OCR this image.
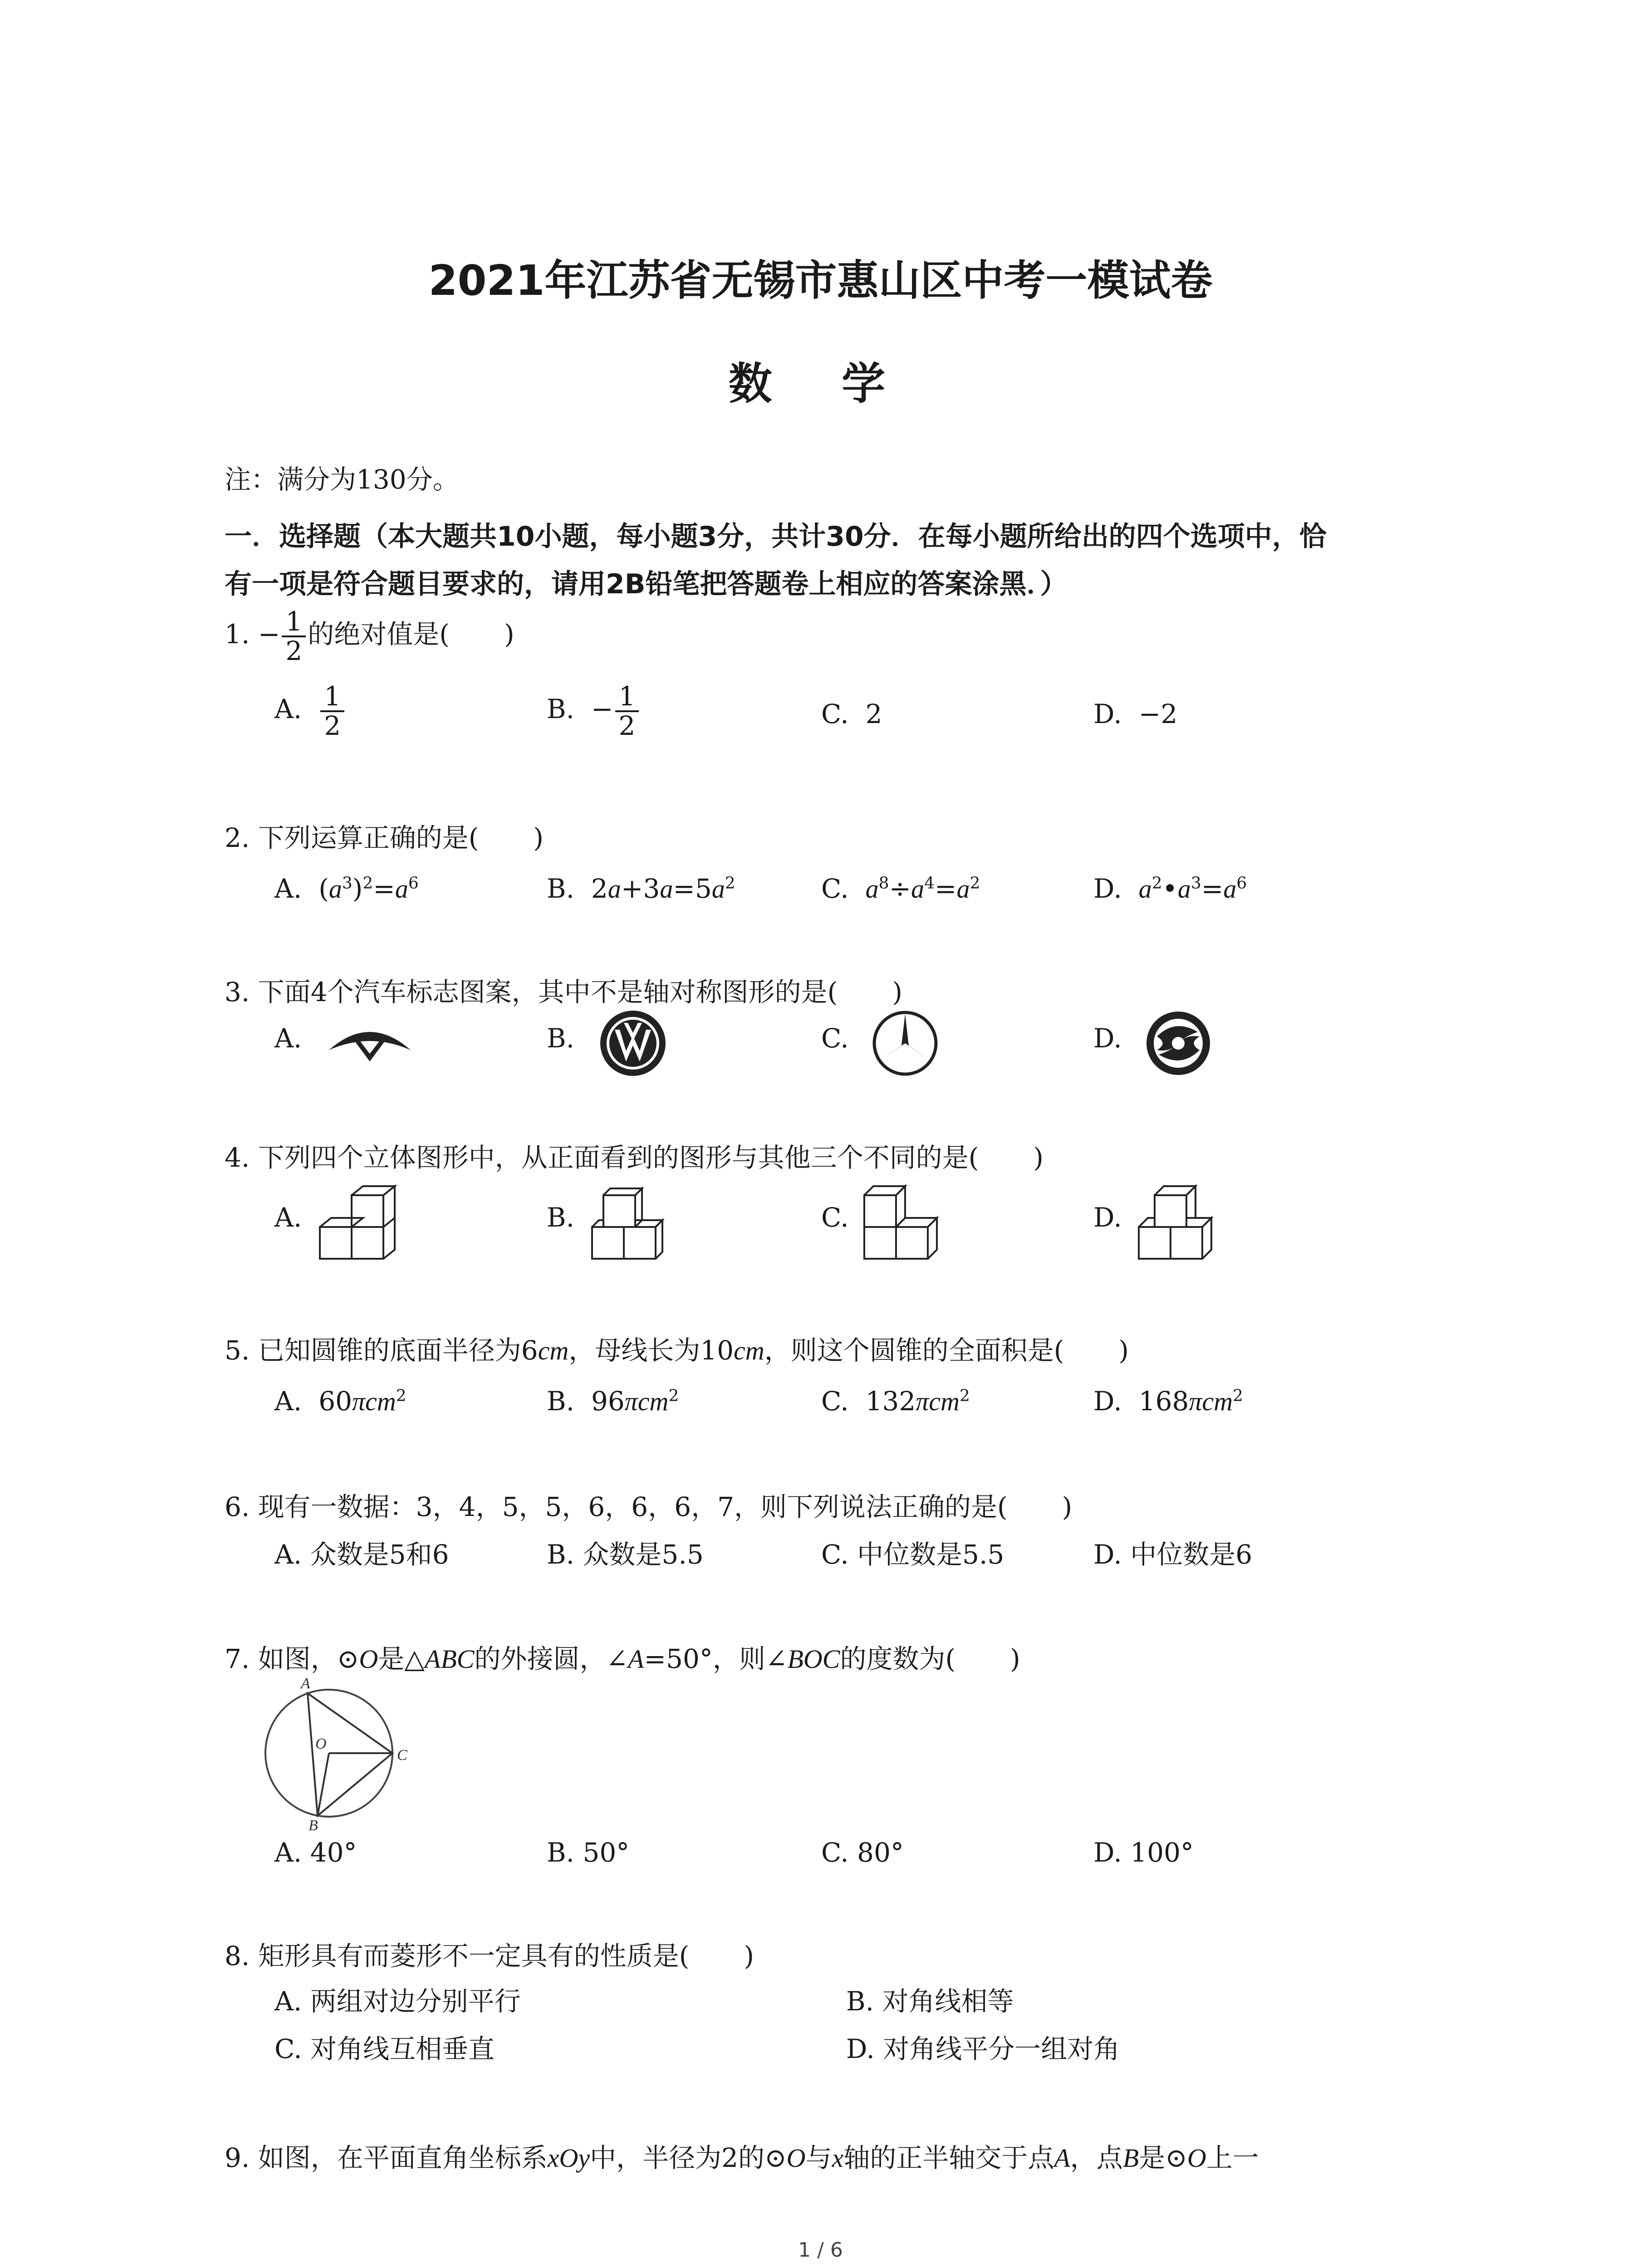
2021年江苏省无锡市惠山区中考一模试卷
数 学
注：满分为130分。
一．选择题（本大题共10小题，每小题3分，共计30分．在每小题所给出的四个选项中，恰
有一项是符合题目要求的，请用2B铅笔把答题卷上相应的答案涂黑．）
1. − $\frac{1}{2}$ 的绝对值是( )
A. $\frac{1}{2}$	B. − $\frac{1}{2}$	C. 2	D. −2
2. 下列运算正确的是( )
A.  $(a^3)^2=a^6$	B.  $2a+3a=5a^2$	C. $a^8\div a^4=a^2$	D. $a^2•a^3=a^6$
3. 下面4个汽车标志图案，其中不是轴对称图形的是( )
A.	B.	C.	D.
4. 下列四个立体图形中，从正面看到的图形与其他三个不同的是( )
A.	B.	C.	D.
5. 已知圆锥的底面半径为6cm，母线长为10cm，则这个圆锥的全面积是( )
A. 60πcm$^2$	B. 96πcm$^2$	C. 132πcm$^2$	D. 168πcm$^2$
6. 现有一数据：3，4，5，5，6，6，6，7，则下列说法正确的是( )
A. 众数是5和6	B. 众数是5.5	C. 中位数是5.5	D. 中位数是6
7. 如图，⊙O是△ABC的外接圆，∠A=50°，则∠BOC的度数为( )
A
C
B
O
A. 40°	B. 50°	C. 80°	D. 100°
8. 矩形具有而菱形不一定具有的性质是( )
A. 两组对边分别平行	B. 对角线相等
C. 对角线互相垂直	D. 对角线平分一组对角
9. 如图，在平面直角坐标系xOy中，半径为2的⊙O与x轴的正半轴交于点A，点B是⊙O上一
1 / 6
